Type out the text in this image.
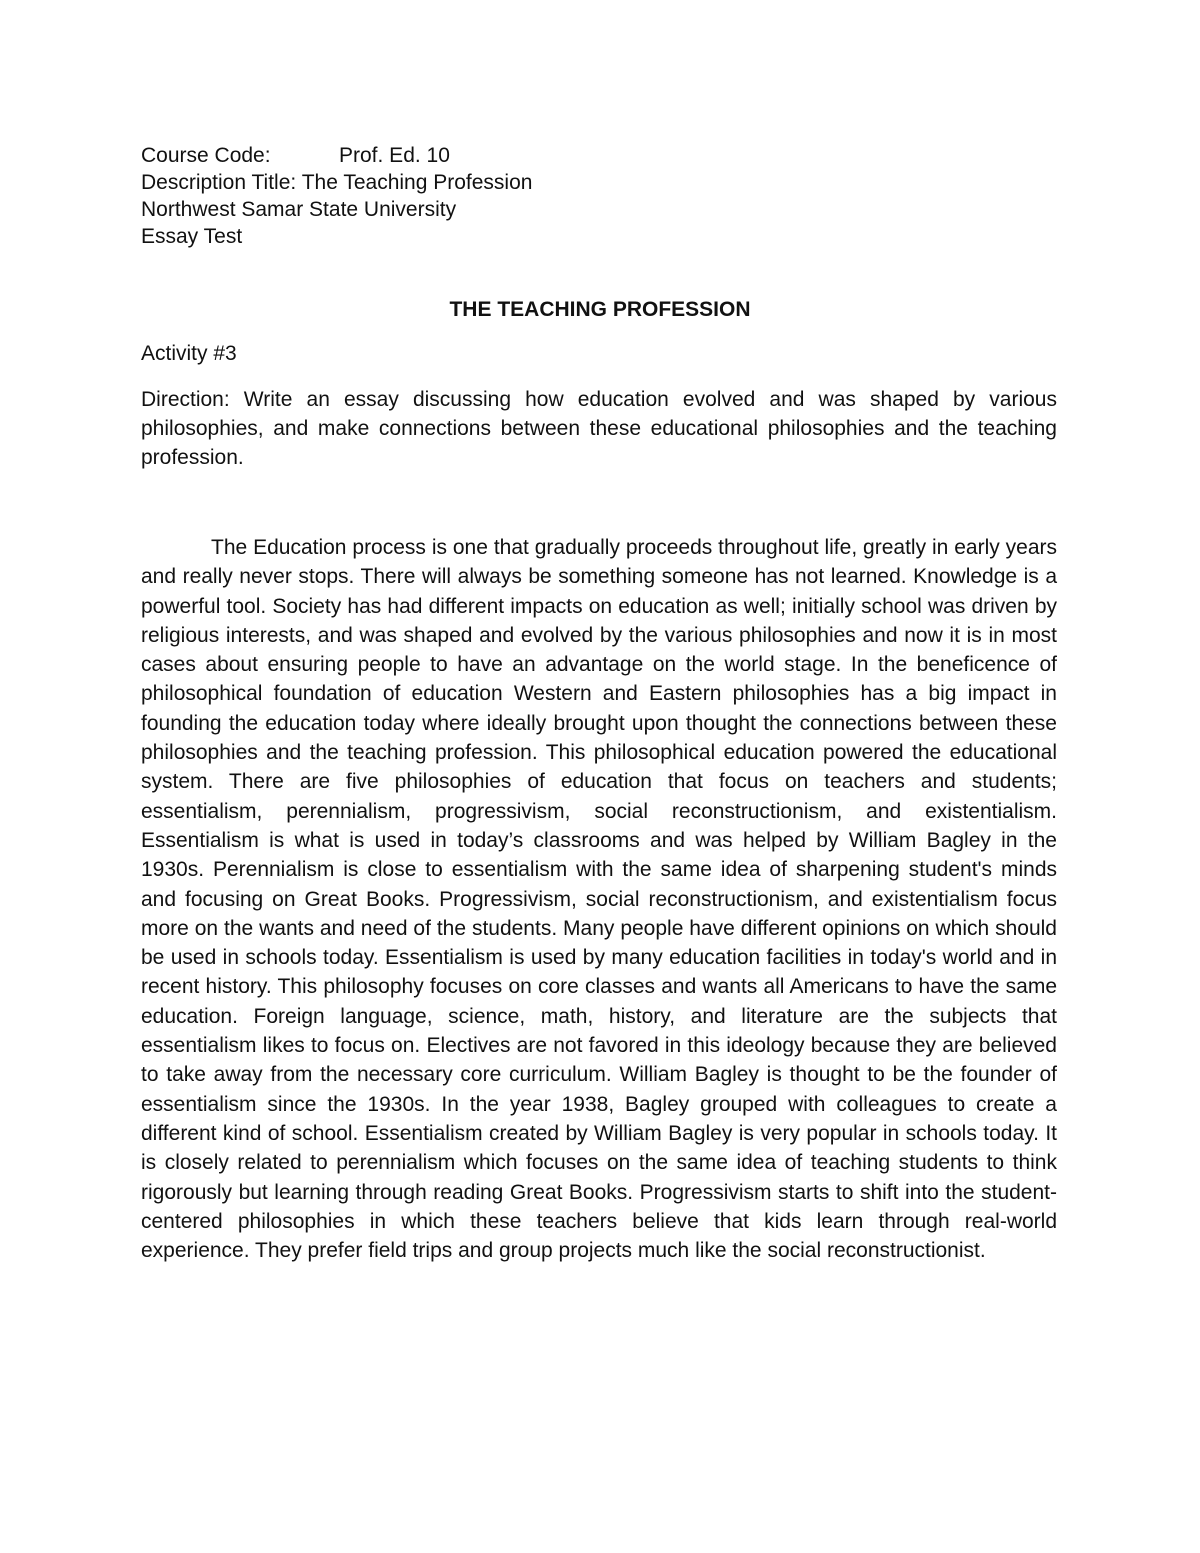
Course Code:	Prof. Ed. 10
Description Title: The Teaching Profession
Northwest Samar State University
Essay Test
THE TEACHING PROFESSION

Activity #3

Direction: Write an essay discussing how education evolved and was shaped by various philosophies, and make connections between these educational philosophies and the teaching profession.

The Education process is one that gradually proceeds throughout life, greatly in early years and really never stops. There will always be something someone has not learned. Knowledge is a powerful tool. Society has had different impacts on education as well; initially school was driven by religious interests, and was shaped and evolved by the various philosophies and now it is in most cases about ensuring people to have an advantage on the world stage. In the beneficence of philosophical foundation of education Western and Eastern philosophies has a big impact in founding the education today where ideally brought upon thought the connections between these philosophies and the teaching profession. This philosophical education powered the educational system. There are five philosophies of education that focus on teachers and students; essentialism, perennialism, progressivism, social reconstructionism, and existentialism. Essentialism is what is used in today’s classrooms and was helped by William Bagley in the 1930s. Perennialism is close to essentialism with the same idea of sharpening student's minds and focusing on Great Books. Progressivism, social reconstructionism, and existentialism focus more on the wants and need of the students. Many people have different opinions on which should be used in schools today. Essentialism is used by many education facilities in today's world and in recent history. This philosophy focuses on core classes and wants all Americans to have the same education. Foreign language, science, math, history, and literature are the subjects that essentialism likes to focus on. Electives are not favored in this ideology because they are believed to take away from the necessary core curriculum. William Bagley is thought to be the founder of essentialism since the 1930s. In the year 1938, Bagley grouped with colleagues to create a different kind of school. Essentialism created by William Bagley is very popular in schools today. It is closely related to perennialism which focuses on the same idea of teaching students to think rigorously but learning through reading Great Books. Progressivism starts to shift into the student-centered philosophies in which these teachers believe that kids learn through real-world experience. They prefer field trips and group projects much like the social reconstructionist.
